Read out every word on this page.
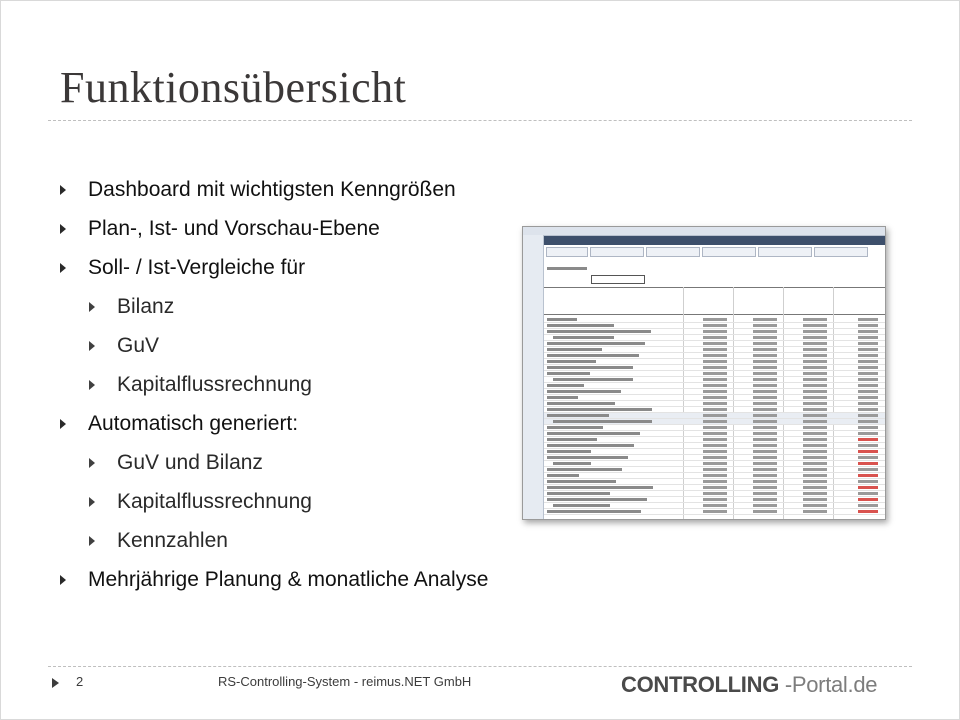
Funktionsübersicht
Dashboard mit wichtigsten Kenngrößen
Plan-, Ist- und Vorschau-Ebene
Soll- / Ist-Vergleiche für
Bilanz
GuV
Kapitalflussrechnung
Automatisch generiert:
GuV und Bilanz
Kapitalflussrechnung
Kennzahlen
Mehrjährige Planung & monatliche Analyse
2	RS-Controlling-System - reimus.NET GmbH	CONTROLLING -Portal.de
